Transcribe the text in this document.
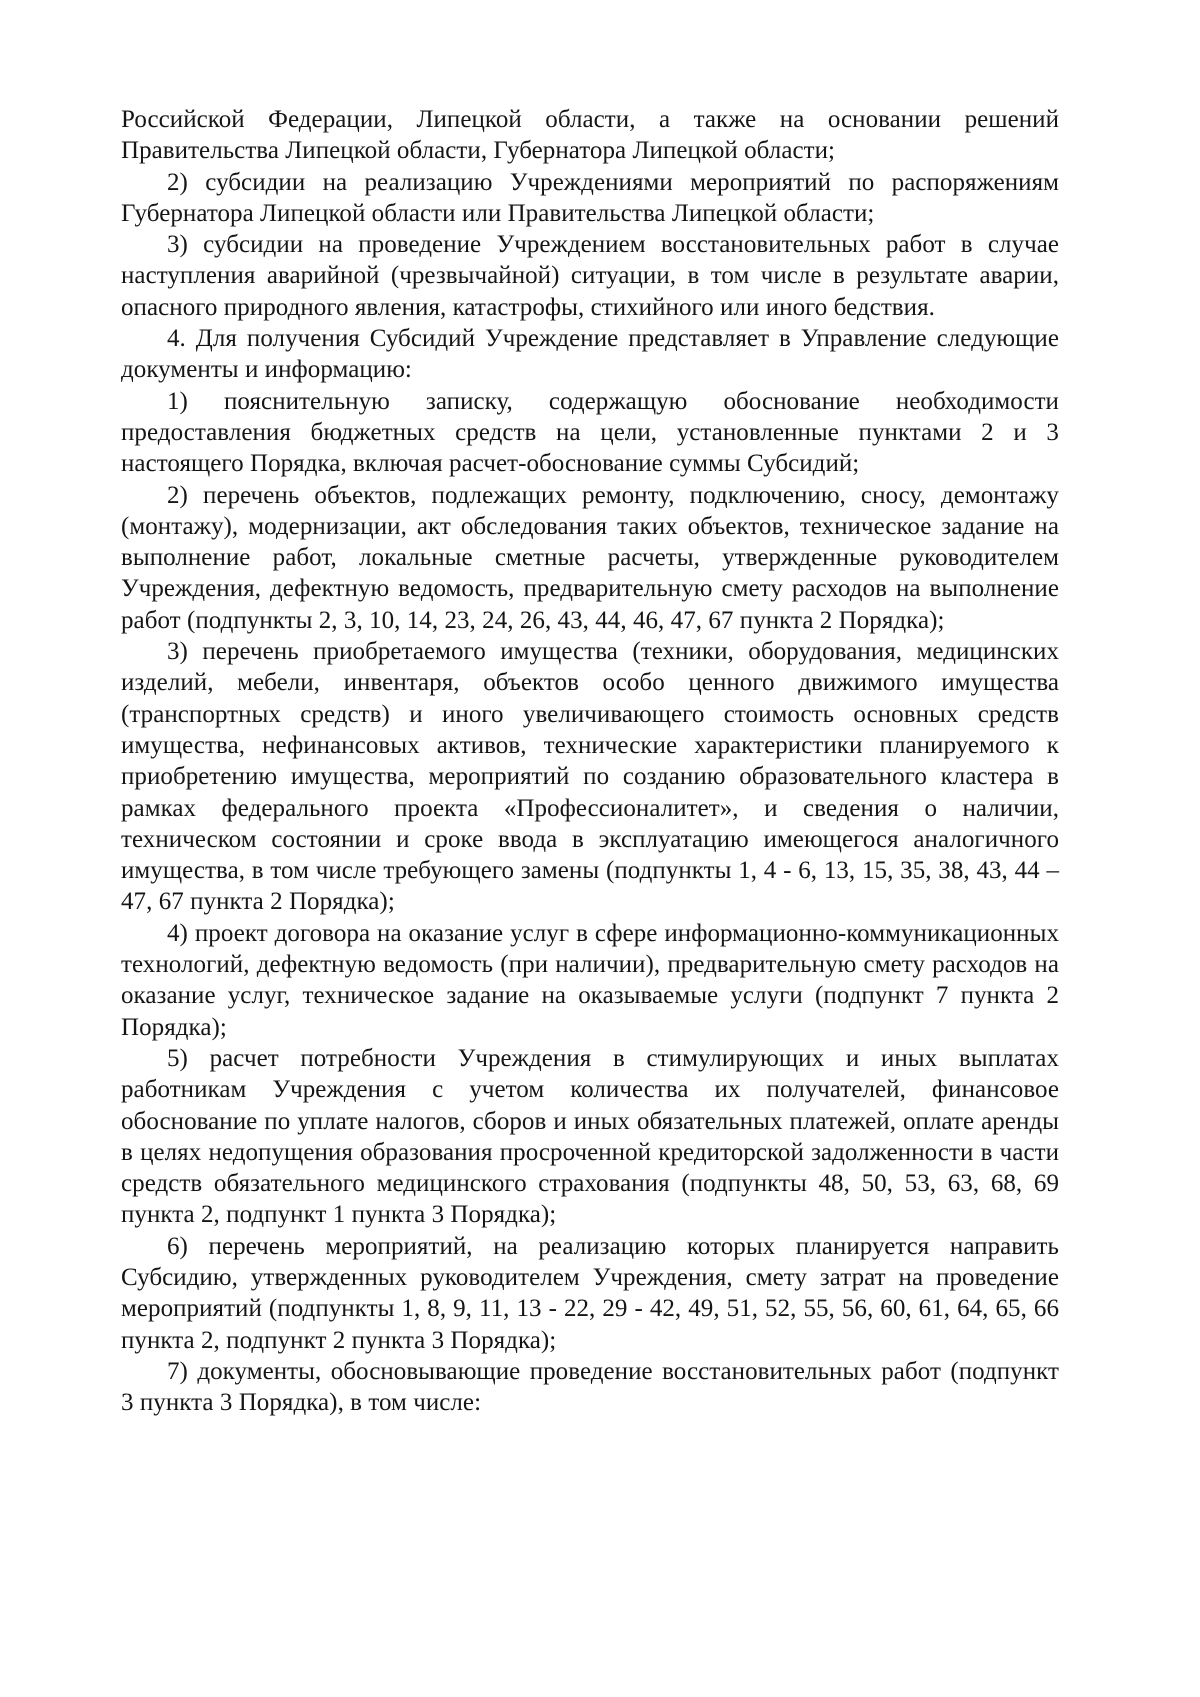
Российской Федерации, Липецкой области, а также на основании решений Правительства Липецкой области, Губернатора Липецкой области;

2) субсидии на реализацию Учреждениями мероприятий по распоряжениям Губернатора Липецкой области или Правительства Липецкой области;

3) субсидии на проведение Учреждением восстановительных работ в случае наступления аварийной (чрезвычайной) ситуации, в том числе в результате аварии, опасного природного явления, катастрофы, стихийного или иного бедствия.

4. Для получения Субсидий Учреждение представляет в Управление следующие документы и информацию:

1) пояснительную записку, содержащую обоснование необходимости предоставления бюджетных средств на цели, установленные пунктами 2 и 3 настоящего Порядка, включая расчет-обоснование суммы Субсидий;

2) перечень объектов, подлежащих ремонту, подключению, сносу, демонтажу (монтажу), модернизации, акт обследования таких объектов, техническое задание на выполнение работ, локальные сметные расчеты, утвержденные руководителем Учреждения, дефектную ведомость, предварительную смету расходов на выполнение работ (подпункты 2, 3, 10, 14, 23, 24, 26, 43, 44, 46, 47, 67 пункта 2 Порядка);

3) перечень приобретаемого имущества (техники, оборудования, медицинских изделий, мебели, инвентаря, объектов особо ценного движимого имущества (транспортных средств) и иного увеличивающего стоимость основных средств имущества, нефинансовых активов, технические характеристики планируемого к приобретению имущества, мероприятий по созданию образовательного кластера в рамках федерального проекта «Профессионалитет», и сведения о наличии, техническом состоянии и сроке ввода в эксплуатацию имеющегося аналогичного имущества, в том числе требующего замены (подпункты 1, 4 - 6, 13, 15, 35, 38, 43, 44 – 47, 67 пункта 2 Порядка);

4) проект договора на оказание услуг в сфере информационно-коммуникационных технологий, дефектную ведомость (при наличии), предварительную смету расходов на оказание услуг, техническое задание на оказываемые услуги (подпункт 7 пункта 2 Порядка);

5) расчет потребности Учреждения в стимулирующих и иных выплатах работникам Учреждения с учетом количества их получателей, финансовое обоснование по уплате налогов, сборов и иных обязательных платежей, оплате аренды в целях недопущения образования просроченной кредиторской задолженности в части средств обязательного медицинского страхования (подпункты 48, 50, 53, 63, 68, 69 пункта 2, подпункт 1 пункта 3 Порядка);

6) перечень мероприятий, на реализацию которых планируется направить Субсидию, утвержденных руководителем Учреждения, смету затрат на проведение мероприятий (подпункты 1, 8, 9, 11, 13 - 22, 29 - 42, 49, 51, 52, 55, 56, 60, 61, 64, 65, 66 пункта 2, подпункт 2 пункта 3 Порядка);

7) документы, обосновывающие проведение восстановительных работ (подпункт 3 пункта 3 Порядка), в том числе:
